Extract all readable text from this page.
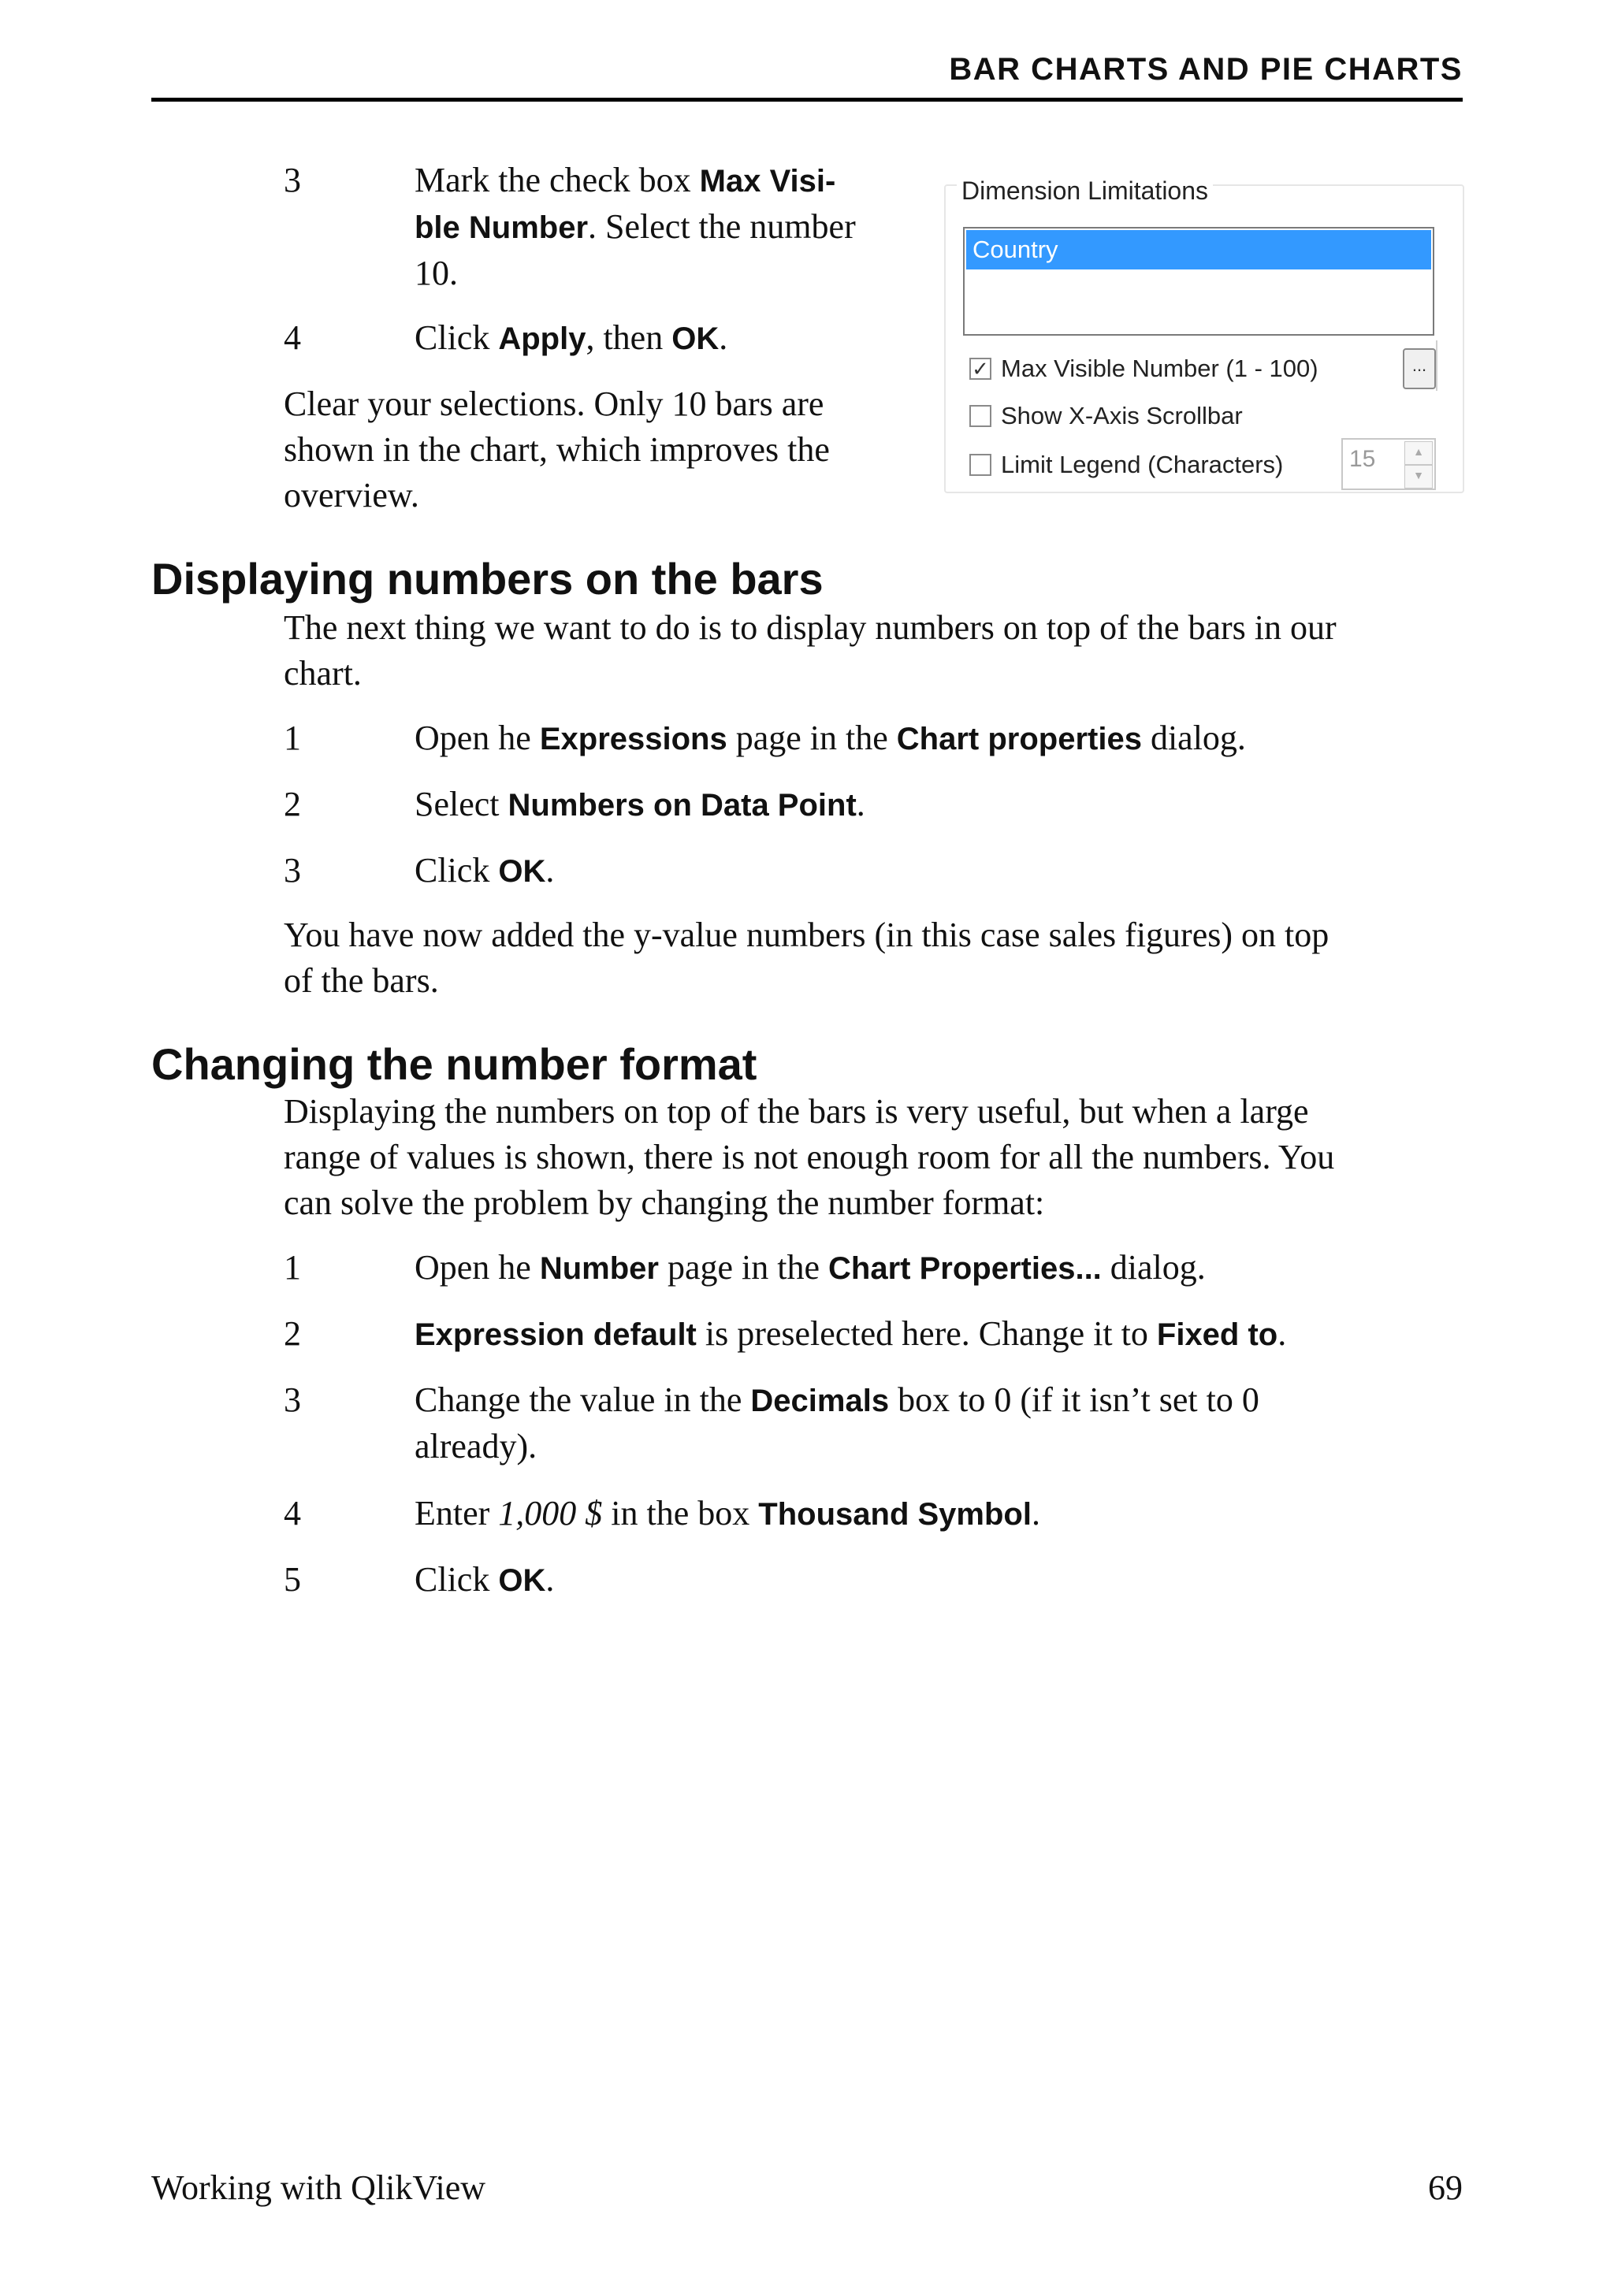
BAR CHARTS AND PIE CHARTS
3	Mark the check box Max Visi-
ble Number. Select the number
10.
4	Click Apply, then OK.
Clear your selections. Only 10 bars are
shown in the chart, which improves the
overview.
Dimension Limitations
Country
✓ Max Visible Number (1 - 100)	...
Show X-Axis Scrollbar
Limit Legend (Characters)	15	▲
▼
Displaying numbers on the bars
The next thing we want to do is to display numbers on top of the bars in our
chart.
1	Open he Expressions page in the Chart properties dialog.
2	Select Numbers on Data Point.
3	Click OK.
You have now added the y-value numbers (in this case sales figures) on top
of the bars.
Changing the number format
Displaying the numbers on top of the bars is very useful, but when a large
range of values is shown, there is not enough room for all the numbers. You
can solve the problem by changing the number format:
1	Open he Number page in the Chart Properties... dialog.
2	Expression default is preselected here. Change it to Fixed to.
3	Change the value in the Decimals box to 0 (if it isn’t set to 0
already).
4	Enter 1,000 $ in the box Thousand Symbol.
5	Click OK.
Working with QlikView	69
